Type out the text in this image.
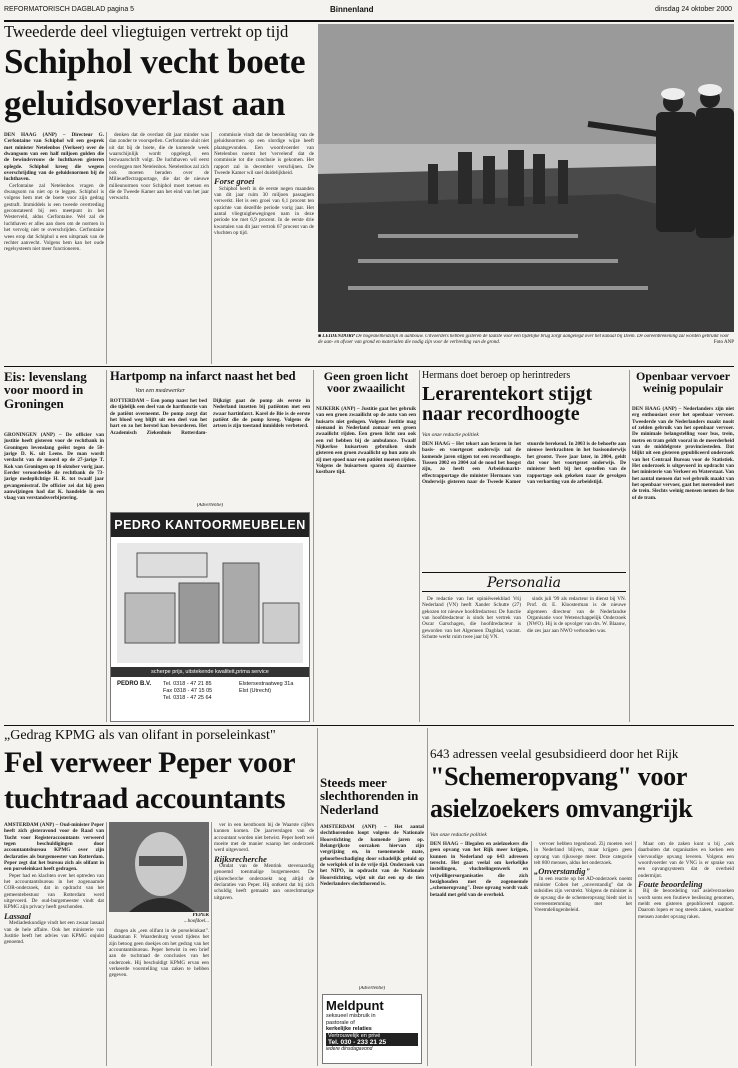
REFORMATORISCH DAGBLAD pagina 5	Binnenland	dinsdag 24 oktober 2000
Tweederde deel vliegtuigen vertrekt op tijd
Schiphol vecht boete
geluidsoverlast aan

DEN HAAG (ANP) – Directeur G. Cerfontaine van Schiphol wil een gesprek met minister Netelenbos (Verkeer) over de dwangsom van een half miljoen gulden die de bewindsvrouw de luchthaven gisteren oplegde. Schiphol kreeg die wegens overschrijding van de geluidsnormen bij de luchthaven.

Cerfontaine zal Netelenbos vragen de dwangsom nu niet op te leggen. Schiphol is volgens hem met de boete voor zijn gedrag gestraft. Immiddels is een tweede overtreding geconstateerd bij een meetpunt in het Westerveld, aldus Cerfontaine. Wel zal de luchthaven er alles aan doen om de normen in het vervolg niet te overschrijden. Cerfontaine wees erop dat Schiphol u een uitspraak van de rechter aanvecht. Volgens hem kan het oude regelsysteem niet meer functioneren.

denken dat de overlast dit jaar minder was dan zonder te voorspellen. Cerfontaine sluit niet uit dat bij de boete, die de komende week waarschijnlijk wordt opgelegd, een bezwaarschrift volgt. De luchthaven wil eerst overleggen met Netelenbos. Netelenbos zal zich ook moeten beraden over de Milieueffectrapportage, die dat de nieuwe milieunormen voor Schiphol moet toetsen en die de Tweede Kamer aan het eind van het jaar verwacht.

commissie vindt dat de beoordeling van de geluidsnormen op een slordige wijze heeft plaatsgevonden. Een woordvoerder van Netelenbos noemt het 'vervelend' dat de commissie tot die conclusie is gekomen. Het rapport zal in december verschijnen. De Tweede Kamer wil snel duidelijkheid.

Forse groei

Schiphol heeft in de eerste negen maanden van dit jaar ruim 30 miljoen passagiers verwerkt. Het is een groei van 6,1 procent ten opzichte van dezelfde periode vorig jaar. Het aantal vliegtuigbewegingen nam in deze periode toe met 6,9 procent. In de eerste drie kwartalen van dit jaar vertrok 67 procent van de vluchten op tijd.

■ LEIDENDORP De hogesnelheidslijn in aanbouw. Uitvoerders hebben gisteren de laatste voor een tijdelijke brug zorgt aangelegd over het kanaal bij Diem. De ooreenbrekening zal worden gebruikt voor de aan- en afvoer van grond en materialen die nodig zijn voor de verbreding van de grond.	Foto ANP
Eis: levenslang voor moord in Groningen

GRONINGEN (ANP) – De officier van justitie heeft gisteren voor de rechtbank in Groningen levenslang geëist tegen de 50-jarige D. K. uit Leens. De man wordt verdacht van de moord op de 27-jarige T. Kok van Groningen op 16 oktober vorig jaar. Eerder veroordeelde de rechtbank de 73-jarige medeplichtige H. R. tot twaalf jaar gevangenisstraf. De officier zei dat hij geen aanwijzingen had dat K. handelde in een vlaag van verstandsverbijstering.

Hartpomp na infarct naast het bed
Van een medewerker

ROTTERDAM – Een pomp naast het bed die tijdelijk een deel van de hartfunctie van de patiënt overneemt. De pomp zorgt dat het bloed weg blijft uit een deel van het hart en zo het herstel kan bevorderen. Het Academisch Ziekenhuis Rotterdam-Dijkzigt gaat de pomp als eerste in Nederland inzetten bij patiënten met een zwaar hartinfarct. Karel de Bie is de eerste patiënt die de pomp kreeg. Volgens de artsen is zijn toestand inmiddels verbeterd.

(Advertentie)
PEDRO KANTOORMEUBELEN
scherpe prijs, uitstekende kwaliteit,prima service
PEDRO B.V.	Tel. 0318 - 47 21 85
Fax 0318 - 47 15 05
Tel. 0318 - 47 25 64
Elstersestraatweg 31a
Elst (Utrecht)
Geen groen licht voor zwaailicht

NIJKERK (ANP) – Justitie gaat het gebruik van een groen zwaailicht op de auto van een huisarts niet gedogen. Volgens Justitie mag niemand in Nederland zomaar een groen zwaailicht rijden. Een groen licht zou ook een rol hebben bij de ambulance. Twaalf Nijkerkse huisartsen gebruiken sinds gisteren een groen zwaailicht op hun auto als zij met spoed naar een patiënt moeten rijden. Volgens de huisartsen sparen zij daarmee kostbare tijd.

Hermans doet beroep op herintreders
Lerarentekort stijgt naar recordhoogte
Van onze redactie politiek

DEN HAAG – Het tekort aan leraren in het basis- en voortgezet onderwijs zal de komende jaren stijgen tot een recordhoogte. Tussen 2002 en 2004 zal de nood het hoogst zijn, zo heeft een Arbeidsmarkt-effectrapportage die minister Hermans van Onderwijs gisteren naar de Tweede Kamer stuurde berekend. In 2003 is de behoefte aan nieuwe leerkrachten in het basisonderwijs het grootst. Twee jaar later, in 2004, geldt dat voor het voortgezet onderwijs. De minister heeft bij het opstellen van de rapportage ook gekeken naar de gevolgen van verkorting van de arbeidstijd.

Personalia

De redactie van het opiniëweekblad Vrij Nederland (VN) heeft Xander Schutte (27) gekozen tot nieuwe hoofdredacteur. De functie van hoofdredacteur is sinds het vertrek van Oscar Garschagen, die hoofdredacteur is geworden van het Algemeen Dagblad, vacant. Schutte werkt ruim twee jaar bij VN.

sinds juli '99 als redacteur in dienst bij VN. Prof. dr. E. Kloosterman is de nieuwe algemeen directeur van de Nederlandse Organisatie voor Wetenschappelijk Onderzoek (NWO). Hij is de opvolger van drs. W. Blaauw, die zes jaar aan NWO verbonden was.

Openbaar vervoer weinig populair

DEN HAAG (ANP) – Nederlanders zijn niet erg enthousiast over het openbaar vervoer. Tweederde van de Nederlanders maakt nooit of zelden gebruik van het openbaar vervoer. De minimale belangstelling voor bus, trein, metro en tram geldt vooral in de meerderheid van de middelgrote provinciesteden. Dat blijkt uit een gisteren gepubliceerd onderzoek van het Centraal Bureau voor de Statistiek. Het onderzoek is uitgevoerd in opdracht van het ministerie van Verkeer en Waterstaat. Van het aantal mensen dat wel gebruik maakt van het openbaar vervoer, gaat het merendeel met de trein. Slechts weinig mensen nemen de bus of de tram.

„Gedrag KPMG als van olifant in porseleinkast"
Fel verweer Peper voor
tuchtraad accountants

AMSTERDAM (ANP) – Oud-minister Peper heeft zich gisteravond voor de Raad van Tucht voor Registeraccountants verweerd tegen beschuldigingen door accountantsbureau KPMG over zijn declaraties als burgemeester van Rotterdam. Peper zegt dat het bureau zich als olifant in een porseleinkast heeft gedragen.

Peper had en klachten over het optreden van het accountantsbureau in het zogenaamde COR-onderzoek, dat in opdracht van het gemeentebestuur van Rotterdam werd uitgevoerd. De oud-burgemeester vindt dat KPMG zijn privacy heeft geschonden.

Lassaal

Mediadeskundige vindt het een zwaar lassaal van de hele affaire. Ook het ministerie van Justitie heeft het advies van KPMG onjuist genoemd.

PEPER
...hoofdoel...

dragen als „een olifant in de porseleinkast". Raadsman F. Waardenburg wond tijdens het zijn betoog geen doekjes om het gedrag van het accountantsbureau. Peper betwist in een brief aan de tuchtraad de conclusies van het onderzoek. Hij beschuldigt KPMG ervan een verkeerde voorstelling van zaken te hebben gegeven.

ver in een kerstboom bij de Waarste cijfers kunnen komen. De jaarverslagen van de accountant worden niet betwist. Peper heeft wel moeite met de manier waarop het onderzoek werd uitgevoerd.

Rijksrecherche

Omdat van de Mentink stevenaardig genoemd toenmalige burgemeester. De rijksrecherche onderzoekt nog altijd de declaraties van Peper. Hij ontkent dat hij zich schuldig heeft gemaakt aan onrechtmatige uitgaven.

Steeds meer slechthorenden in Nederland

AMSTERDAM (ANP) – Het aantal slechthorenden loopt volgens de Nationale Hoorstichting de komende jaren op. Belangrijkste oorzaken hiervan zijn vergrijzing en, in toenemende mate, gehoorbeschadiging door schadelijk geluid op de werkplek of in de vrije tijd. Onderzoek van het NIPO, in opdracht van de Nationale Hoorstichting, wijst uit dat een op de tien Nederlanders slechthorend is.

(Advertentie)
Meldpunt
seksueel misbruik in
pastorale of
kerkelijke relaties
Vertrouwelijk en privé
Tel. 030 - 233 21 25
iedere dinsdagavond
643 adressen veelal gesubsidieerd door het Rijk
"Schemeropvang" voor
asielzoekers omvangrijk
Van onze redactie politiek

DEN HAAG – Illegalen en asielzoekers die geen opvang van het Rijk meer krijgen, kunnen in Nederland op 643 adressen terecht. Het gaat veelal om kerkelijke instellingen, vluchtelingenwerk en vrijwilligersorganisaties die zich bezighouden met de zogenoemde „schemeropvang". Deze opvang wordt vaak betaald met geld van de overheid.

vervoer hebben tegenhoud. Zij moeten wel in Nederland blijven, maar krijgen geen opvang van rijkswege meer. Deze categorie telt 800 mensen, aldus het onderzoek.

„Onverstandig"

In een reactie op het AD-onderzoek noemt minister Cohen het „onverstandig" dat de subsidies zijn verstrekt. Volgens de minister is de opvang die de schemeropvang biedt niet in overeenstemming met het Vreemdelingenbeleid.

Maar om de zaken kunt u bij „ook daarbuiten dat organisaties en kerken een viervoudige opvang leveren. Volgens een woordvoerder van de VNG is er sprake van een opvangsysteem dat de overheid ondermijnt.

Foute beoordeling

Bij de beoordeling van asielverzoeken wordt soms een foutieve beslissing genomen, meldt een gisteren gepubliceerd rapport. Daarom lopen er nog steeds zaken, waardoor mensen zonder opvang raken.
